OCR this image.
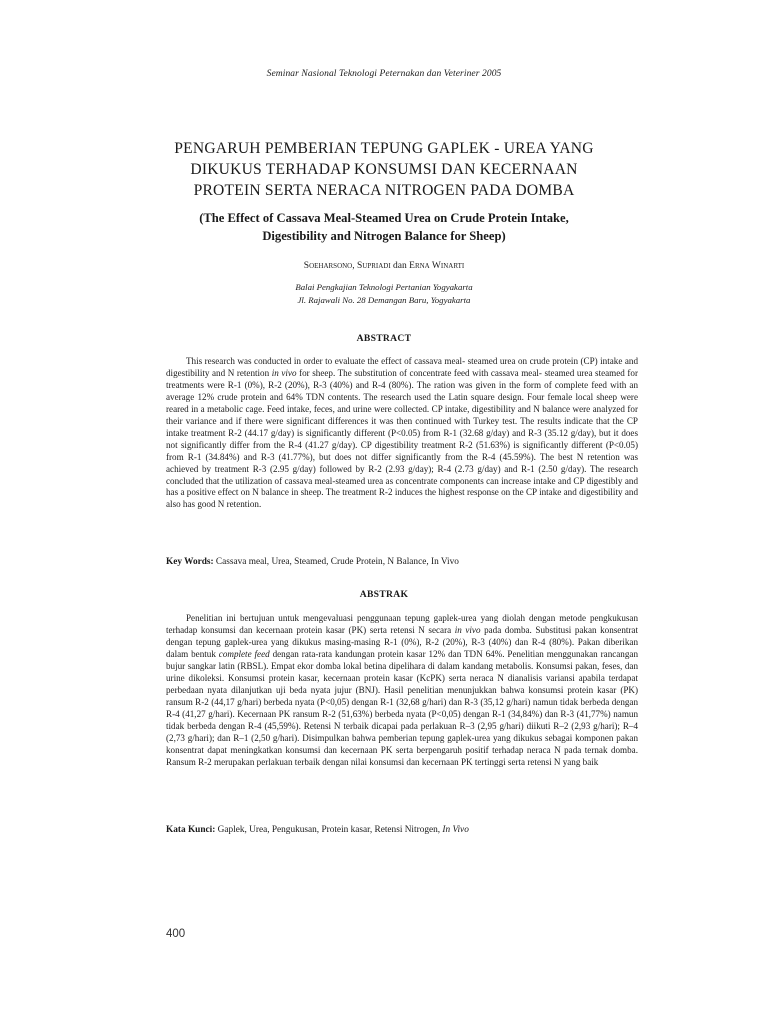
Seminar Nasional Teknologi Peternakan dan Veteriner 2005
PENGARUH PEMBERIAN TEPUNG GAPLEK - UREA YANG
DIKUKUS TERHADAP KONSUMSI DAN KECERNAAN
PROTEIN SERTA NERACA NITROGEN PADA DOMBA
(The Effect of Cassava Meal-Steamed Urea on Crude Protein Intake,
Digestibility and Nitrogen Balance for Sheep)
Soeharsono, Supriadi dan Erna Winarti
Balai Pengkajian Teknologi Pertanian Yogyakarta
Jl. Rajawali No. 28 Demangan Baru, Yogyakarta
ABSTRACT

This research was conducted in order to evaluate the effect of cassava meal- steamed urea on crude protein (CP) intake and digestibility and N retention in vivo for sheep. The substitution of concentrate feed with cassava meal- steamed urea steamed for treatments were R-1 (0%), R-2 (20%), R-3 (40%) and R-4 (80%). The ration was given in the form of complete feed with an average 12% crude protein and 64% TDN contents. The research used the Latin square design. Four female local sheep were reared in a metabolic cage. Feed intake, feces, and urine were collected. CP intake, digestibility and N balance were analyzed for their variance and if there were significant differences it was then continued with Turkey test. The results indicate that the CP intake treatment R-2 (44.17 g/day) is significantly different (P<0.05) from R-1 (32.68 g/day) and R-3 (35.12 g/day), but it does not significantly differ from the R-4 (41.27 g/day). CP digestibility treatment R-2 (51.63%) is significantly different (P<0.05) from R-1 (34.84%) and R-3 (41.77%), but does not differ significantly from the R-4 (45.59%). The best N retention was achieved by treatment R-3 (2.95 g/day) followed by R-2 (2.93 g/day); R-4 (2.73 g/day) and R-1 (2.50 g/day). The research concluded that the utilization of cassava meal-steamed urea as concentrate components can increase intake and CP digestibly and has a positive effect on N balance in sheep. The treatment R-2 induces the highest response on the CP intake and digestibility and also has good N retention.

Key Words: Cassava meal, Urea, Steamed, Crude Protein, N Balance, In Vivo

ABSTRAK

Penelitian ini bertujuan untuk mengevaluasi penggunaan tepung gaplek-urea yang diolah dengan metode pengkukusan terhadap konsumsi dan kecernaan protein kasar (PK) serta retensi N secara in vivo pada domba. Substitusi pakan konsentrat dengan tepung gaplek-urea yang dikukus masing-masing R-1 (0%), R-2 (20%), R-3 (40%) dan R-4 (80%). Pakan diberikan dalam bentuk complete feed dengan rata-rata kandungan protein kasar 12% dan TDN 64%. Penelitian menggunakan rancangan bujur sangkar latin (RBSL). Empat ekor domba lokal betina dipelihara di dalam kandang metabolis. Konsumsi pakan, feses, dan urine dikoleksi. Konsumsi protein kasar, kecernaan protein kasar (KcPK) serta neraca N dianalisis variansi apabila terdapat perbedaan nyata dilanjutkan uji beda nyata jujur (BNJ). Hasil penelitian menunjukkan bahwa konsumsi protein kasar (PK) ransum R-2 (44,17 g/hari) berbeda nyata (P<0,05) dengan R-1 (32,68 g/hari) dan R-3 (35,12 g/hari) namun tidak berbeda dengan R-4 (41,27 g/hari). Kecernaan PK ransum R-2 (51,63%) berbeda nyata (P<0,05) dengan R-1 (34,84%) dan R-3 (41,77%) namun tidak berbeda dengan R-4 (45,59%). Retensi N terbaik dicapai pada perlakuan R–3 (2,95 g/hari) diikuti R–2 (2,93 g/hari); R–4 (2,73 g/hari); dan R–1 (2,50 g/hari). Disimpulkan bahwa pemberian tepung gaplek-urea yang dikukus sebagai komponen pakan konsentrat dapat meningkatkan konsumsi dan kecernaan PK serta berpengaruh positif terhadap neraca N pada ternak domba. Ransum R-2 merupakan perlakuan terbaik dengan nilai konsumsi dan kecernaan PK tertinggi serta retensi N yang baik

Kata Kunci: Gaplek, Urea, Pengukusan, Protein kasar, Retensi Nitrogen, In Vivo

400
